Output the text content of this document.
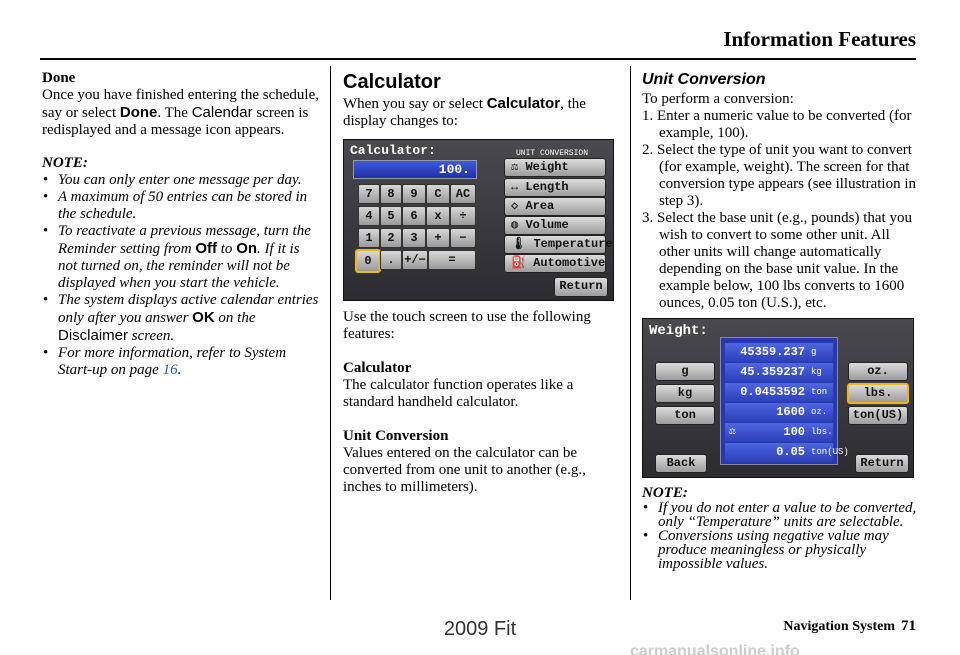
Information Features
Done

Once you have finished entering the schedule, say or select Done. The Calendar screen is redisplayed and a message icon appears.

NOTE:

• You can only enter one message per day.
• A maximum of 50 entries can be stored in the schedule.
• To reactivate a previous message, turn the Reminder setting from Off to On. If it is not turned on, the reminder will not be displayed when you start the vehicle.
• The system displays active calendar entries only after you answer OK on the Disclaimer screen.
• For more information, refer to System Start-up on page 16.
Calculator

When you say or select Calculator, the display changes to:

Calculator:	UNIT CONVERSION
100.
7	8	9	C	AC
4	5	6	x	÷
1	2	3	+	−
0	. +/−	=
⚖ Weight
↔ Length
◇ Area
◍ Volume
🌡 Temperature
⛽ Automotive
Return

Use the touch screen to use the following features:

Calculator

The calculator function operates like a standard handheld calculator.

Unit Conversion

Values entered on the calculator can be converted from one unit to another (e.g., inches to millimeters).

Unit Conversion

To perform a conversion:

1. Enter a numeric value to be converted (for example, 100).
2. Select the type of unit you want to convert (for example, weight). The screen for that conversion type appears (see illustration in step 3).
3. Select the base unit (e.g., pounds) that you wish to convert to some other unit. All other units will change automatically depending on the base unit value. In the example below, 100 lbs converts to 1600 ounces, 0.05 ton (U.S.), etc.
Weight:
g
kg
ton
45359.237 g
45.359237 kg
0.0453592 ton
1600 oz.
⚖	100 lbs.
0.05 ton(US)
oz.
lbs.
ton(US)
Back	Return

NOTE:

• If you do not enter a value to be converted, only “Temperature” units are selectable.
• Conversions using negative value may produce meaningless or physically impossible values.
Navigation System 71
2009 Fit
carmanualsonline.info
